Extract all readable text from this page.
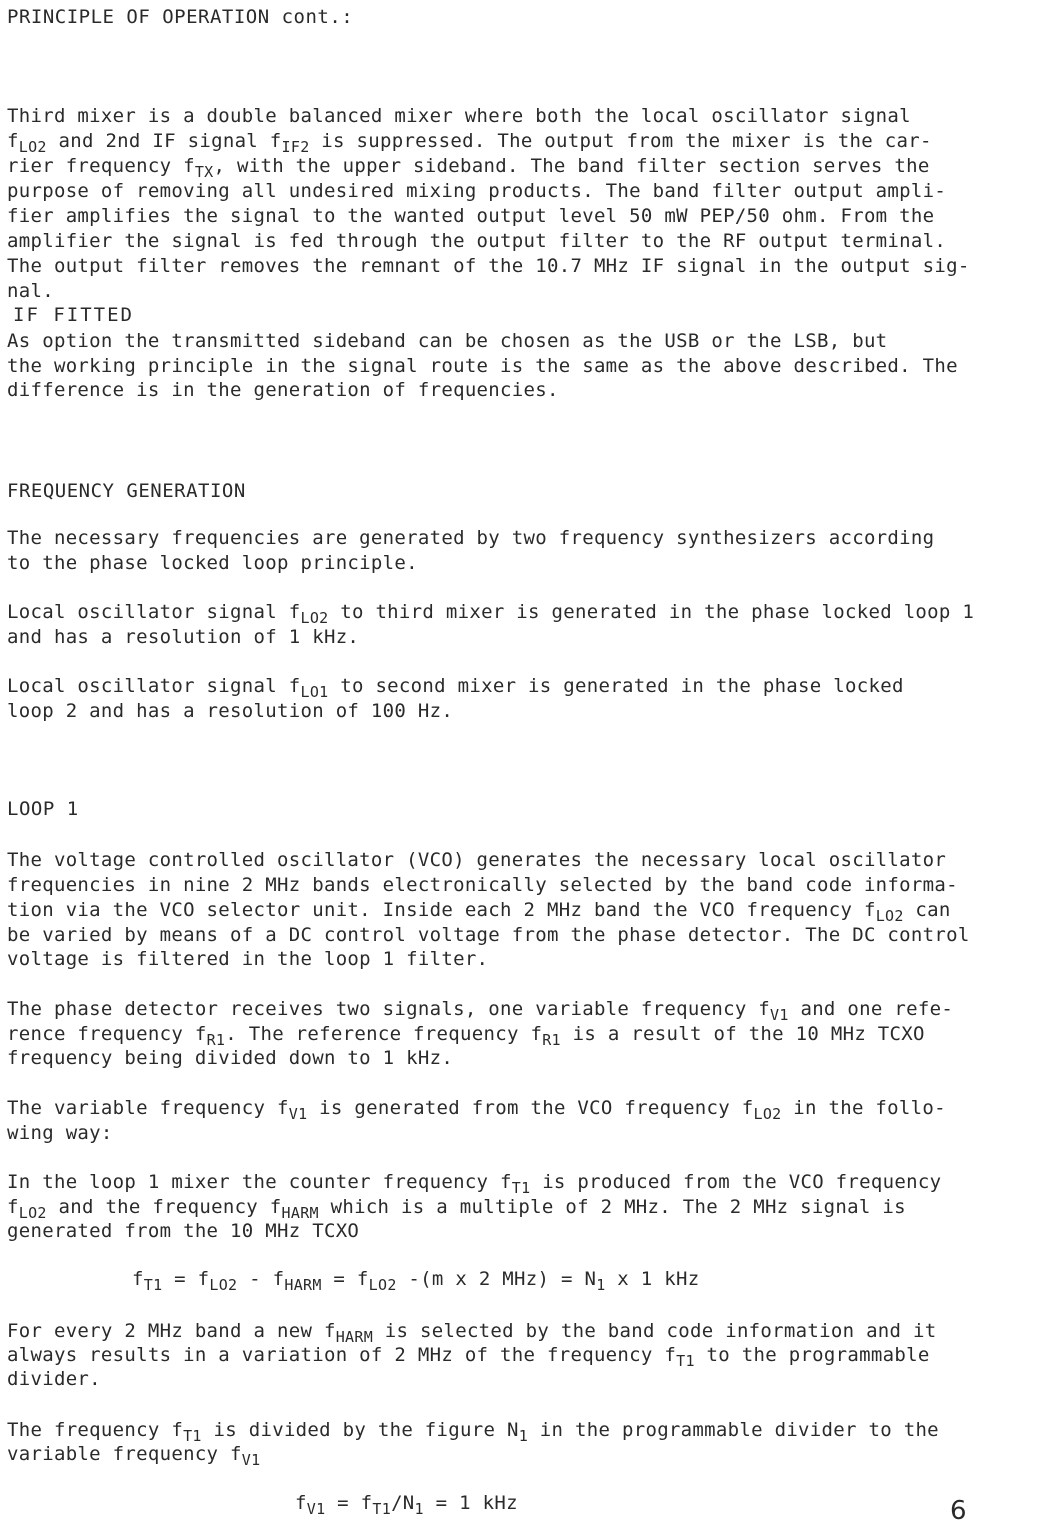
PRINCIPLE OF OPERATION cont.:

Third mixer is a double balanced mixer where both the local oscillator signal

$f_{LO2}$ and 2nd IF signal $f_{IF2}$ is suppressed. The output from the mixer is the car-

rier frequency $f_{TX}$, with the upper sideband. The band filter section serves the

purpose of removing all undesired mixing products. The band filter output ampli-

fier amplifies the signal to the wanted output level 50 mW PEP/50 ohm. From the

amplifier the signal is fed through the output filter to the RF output terminal.

The output filter removes the remnant of the 10.7 MHz IF signal in the output sig-

nal.

IF FITTED

As option the transmitted sideband can be chosen as the USB or the LSB, but

the working principle in the signal route is the same as the above described. The

difference is in the generation of frequencies.

FREQUENCY GENERATION

The necessary frequencies are generated by two frequency synthesizers according

to the phase locked loop principle.

Local oscillator signal $f_{LO2}$ to third mixer is generated in the phase locked loop 1

and has a resolution of 1 kHz.

Local oscillator signal $f_{LO1}$ to second mixer is generated in the phase locked

loop 2 and has a resolution of 100 Hz.

LOOP 1

The voltage controlled oscillator (VCO) generates the necessary local oscillator

frequencies in nine 2 MHz bands electronically selected by the band code informa-

tion via the VCO selector unit. Inside each 2 MHz band the VCO frequency $f_{LO2}$ can

be varied by means of a DC control voltage from the phase detector. The DC control

voltage is filtered in the loop 1 filter.

The phase detector receives two signals, one variable frequency $f_{V1}$ and one refe-

rence frequency $f_{R1}$. The reference frequency $f_{R1}$ is a result of the 10 MHz TCXO

frequency being divided down to 1 kHz.

The variable frequency $f_{V1}$ is generated from the VCO frequency $f_{LO2}$ in the follo-

wing way:

In the loop 1 mixer the counter frequency $f_{T1}$ is produced from the VCO frequency

$f_{LO2}$ and the frequency $f_{HARM}$ which is a multiple of 2 MHz. The 2 MHz signal is

generated from the 10 MHz TCXO

$f_{T1} = f_{LO2} - f_{HARM} = f_{LO2}$ -(m x 2 $MHz) = N_1$ x 1 kHz

For every 2 MHz band a new $f_{HARM}$ is selected by the band code information and it

always results in a variation of 2 MHz of the frequency $f_{T1}$ to the programmable

divider.

The frequency $f_{T1}$ is divided by the figure $N_1$ in the programmable divider to the

variable frequency $f_{V1}$

$f_{V1} = f_{T1}/N_1 = 1$ kHz	6
